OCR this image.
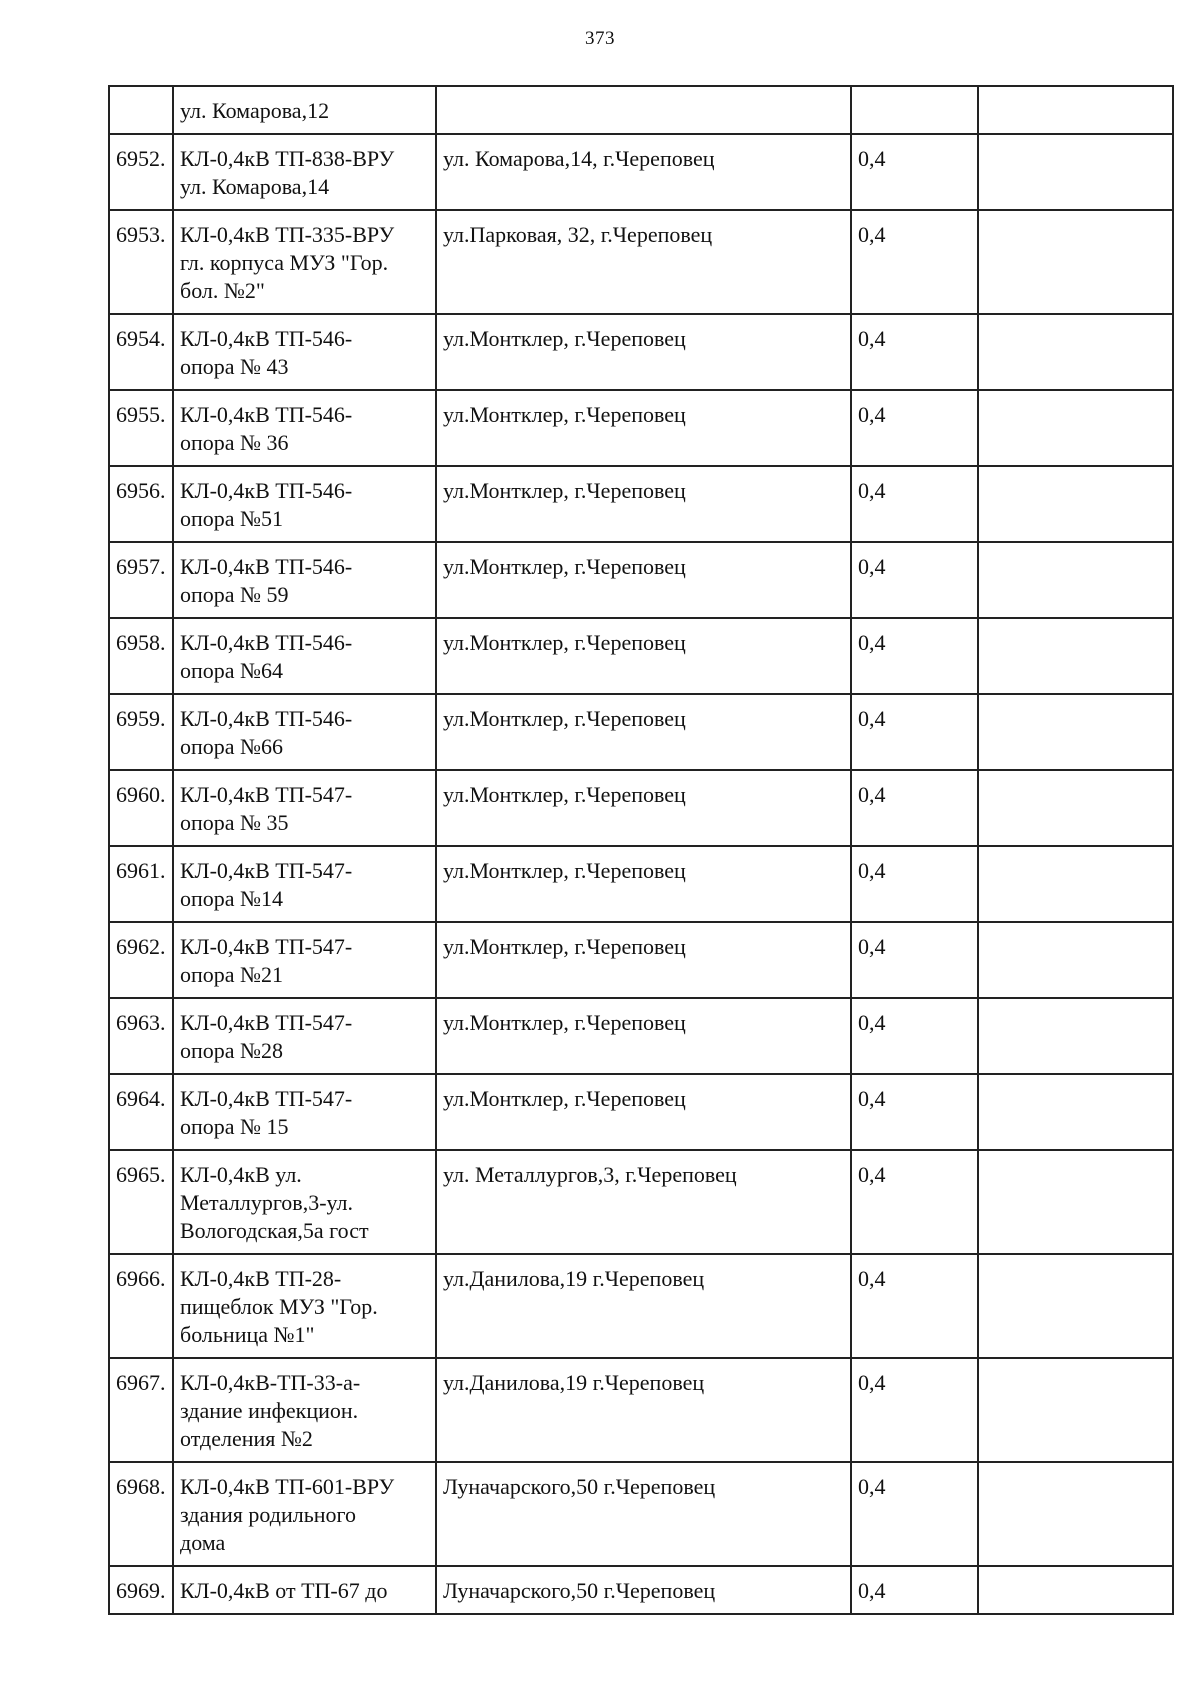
373
	ул. Комарова,12			
6952.	КЛ-0,4кВ ТП-838-ВРУ
ул. Комарова,14	ул. Комарова,14, г.Череповец	0,4	
6953.	КЛ-0,4кВ ТП-335-ВРУ
гл. корпуса МУЗ "Гор.
бол. №2"	ул.Парковая, 32, г.Череповец	0,4	
6954.	КЛ-0,4кВ ТП-546-
опора № 43	ул.Монтклер, г.Череповец	0,4	
6955.	КЛ-0,4кВ ТП-546-
опора № 36	ул.Монтклер, г.Череповец	0,4	
6956.	КЛ-0,4кВ ТП-546-
опора №51	ул.Монтклер, г.Череповец	0,4	
6957.	КЛ-0,4кВ ТП-546-
опора № 59	ул.Монтклер, г.Череповец	0,4	
6958.	КЛ-0,4кВ ТП-546-
опора №64	ул.Монтклер, г.Череповец	0,4	
6959.	КЛ-0,4кВ ТП-546-
опора №66	ул.Монтклер, г.Череповец	0,4	
6960.	КЛ-0,4кВ ТП-547-
опора № 35	ул.Монтклер, г.Череповец	0,4	
6961.	КЛ-0,4кВ ТП-547-
опора №14	ул.Монтклер, г.Череповец	0,4	
6962.	КЛ-0,4кВ ТП-547-
опора №21	ул.Монтклер, г.Череповец	0,4	
6963.	КЛ-0,4кВ ТП-547-
опора №28	ул.Монтклер, г.Череповец	0,4	
6964.	КЛ-0,4кВ ТП-547-
опора № 15	ул.Монтклер, г.Череповец	0,4	
6965.	КЛ-0,4кВ ул.
Металлургов,3-ул.
Вологодская,5а гост	ул. Металлургов,3, г.Череповец	0,4	
6966.	КЛ-0,4кВ ТП-28-
пищеблок МУЗ "Гор.
больница №1"	ул.Данилова,19 г.Череповец	0,4	
6967.	КЛ-0,4кВ-ТП-33-а-
здание инфекцион.
отделения №2	ул.Данилова,19 г.Череповец	0,4	
6968.	КЛ-0,4кВ ТП-601-ВРУ
здания родильного
дома	Луначарского,50 г.Череповец	0,4	
6969.	КЛ-0,4кВ от ТП-67 до	Луначарского,50 г.Череповец	0,4	
